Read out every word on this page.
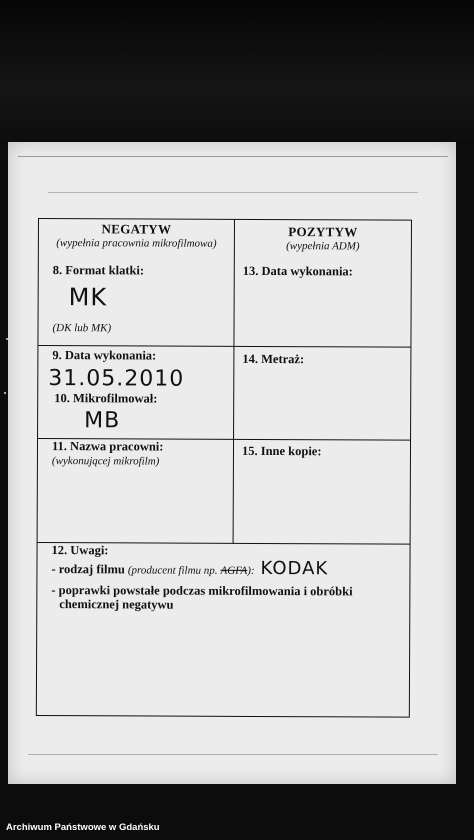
NEGATYW
(wypełnia pracownia mikrofilmowa)
8. Format klatki:
MK
(DK lub MK)
POZYTYW
(wypełnia ADM)
13. Data wykonania:
9. Data wykonania:
31.05.2010
10. Mikrofilmował:
MB
14. Metraż:
11. Nazwa pracowni:
(wykonującej mikrofilm)
15. Inne kopie:
12. Uwagi:
- rodzaj filmu (producent filmu np. AGFA): KODAK
- poprawki powstałe podczas mikrofilmowania i obróbki
chemicznej negatywu
Archiwum Państwowe w Gdańsku
